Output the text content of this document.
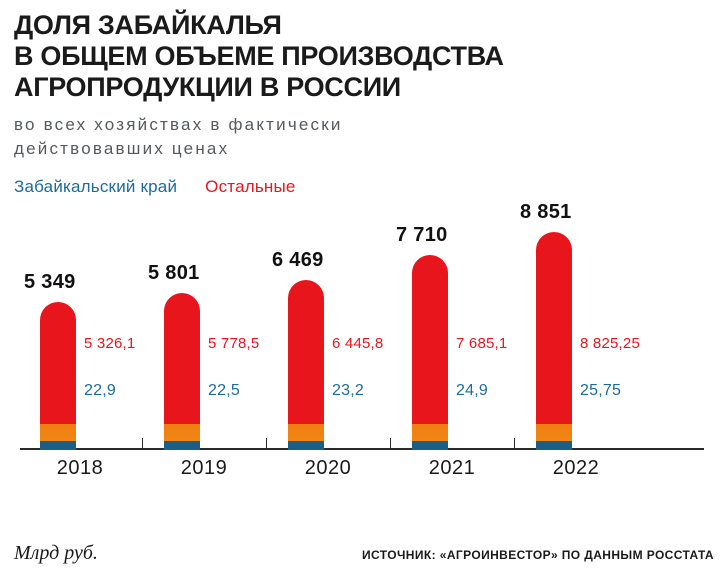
ДОЛЯ ЗАБАЙКАЛЬЯ
В ОБЩЕМ ОБЪЕМЕ ПРОИЗВОДСТВА
АГРОПРОДУКЦИИ В РОССИИ
во всех хозяйствах в фактически
действовавших ценах
Забайкальский край Остальные
5 349
5 326,1
22,9
2018
5 801
5 778,5
22,5
2019
6 469
6 445,8
23,2
2020
7 710
7 685,1
24,9
2021
8 851
8 825,25
25,75
2022
Млрд руб.	ИСТОЧНИК: «АГРОИНВЕСТОР» ПО ДАННЫМ РОССТАТА
